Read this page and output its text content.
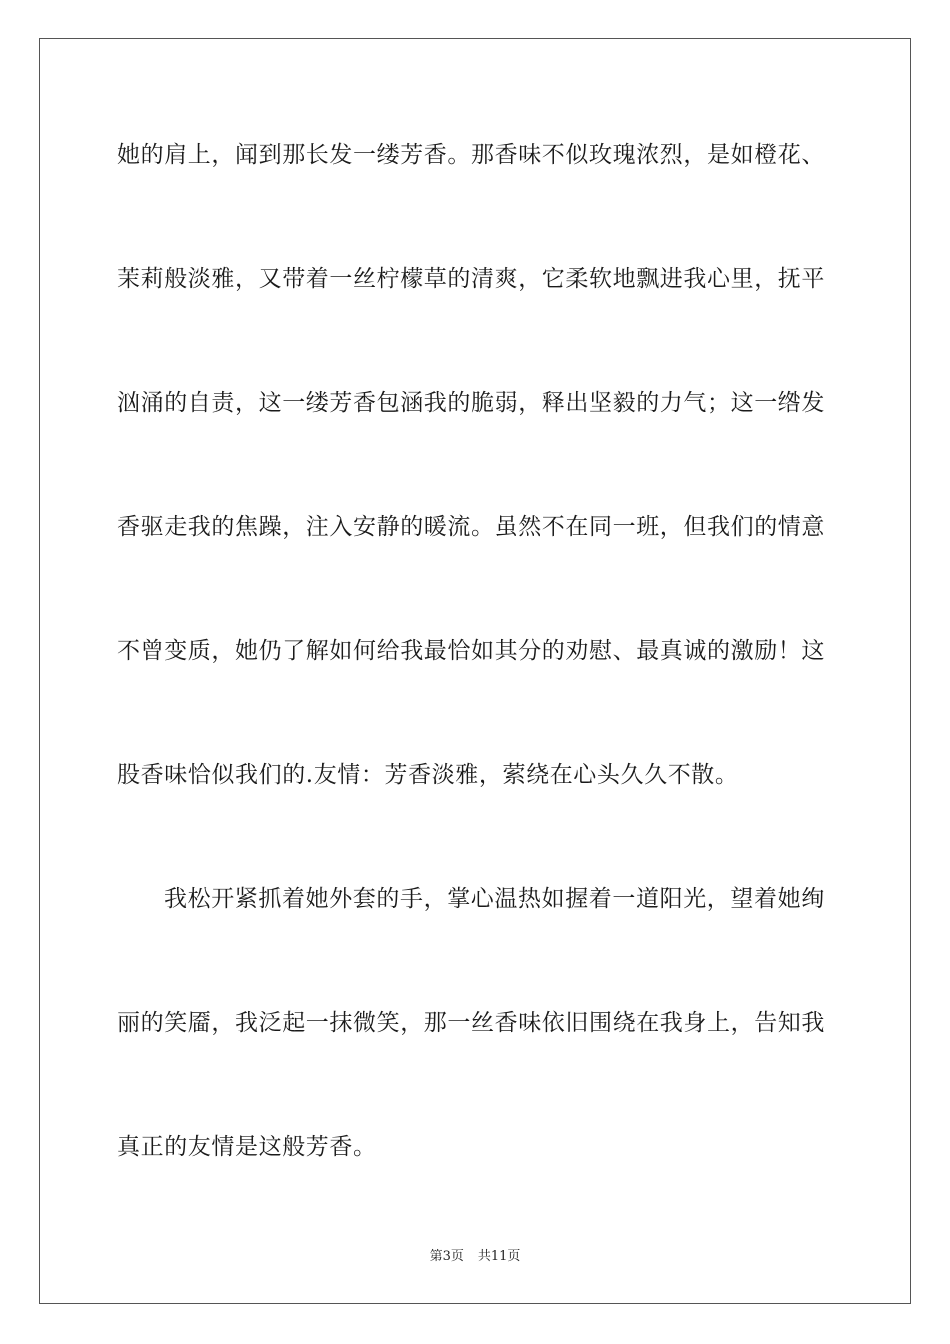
她的肩上，闻到那长发一缕芳香。那香味不似玫瑰浓烈，是如橙花、
茉莉般淡雅，又带着一丝柠檬草的清爽，它柔软地飘进我心里，抚平
汹涌的自责，这一缕芳香包涵我的脆弱，释出坚毅的力气；这一绺发
香驱走我的焦躁，注入安静的暖流。虽然不在同一班，但我们的情意
不曾变质，她仍了解如何给我最恰如其分的劝慰、最真诚的激励！这
股香味恰似我们的.友情：芳香淡雅，萦绕在心头久久不散。
我松开紧抓着她外套的手，掌心温热如握着一道阳光，望着她绚
丽的笑靥，我泛起一抹微笑，那一丝香味依旧围绕在我身上，告知我
真正的友情是这般芳香。
第3页 共11页
